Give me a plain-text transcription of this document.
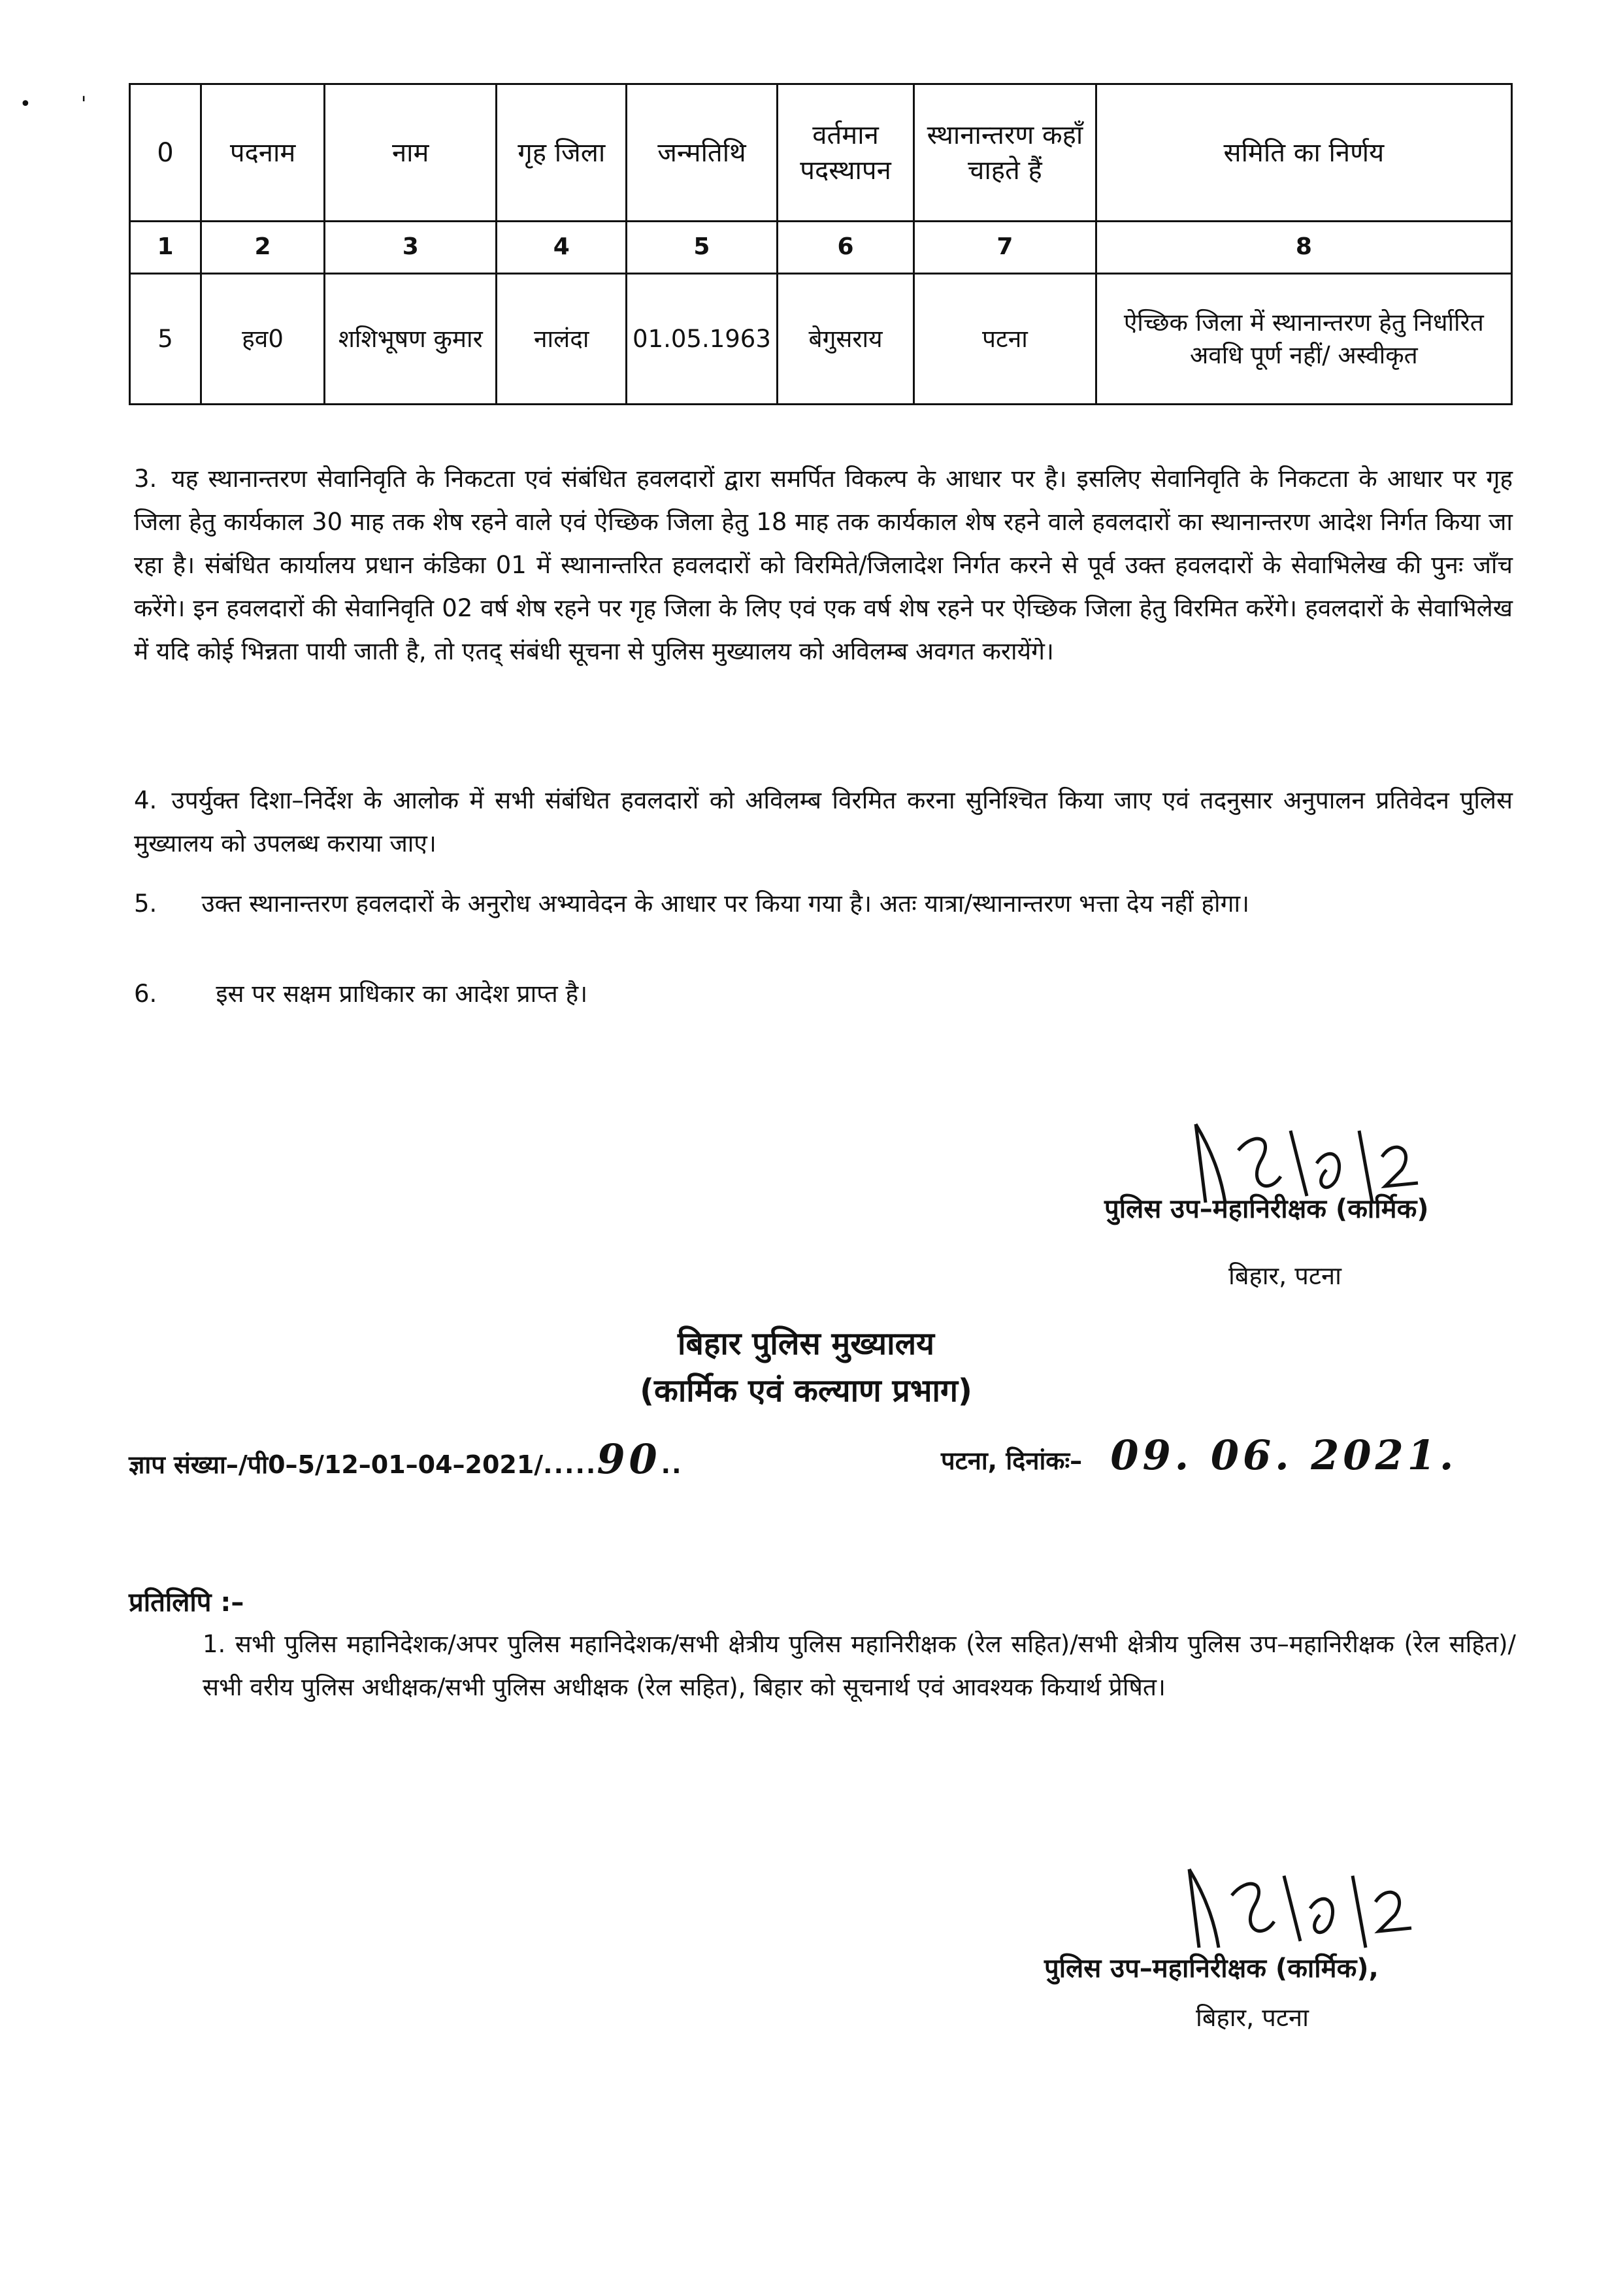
•        '
0	पदनाम	नाम	गृह जिला	जन्मतिथि	वर्तमान पदस्थापन	स्थानान्तरण कहाँ चाहते हैं	समिति का निर्णय
1	2	3	4	5	6	7	8
5	हव0	शशिभूषण कुमार	नालंदा	01.05.1963	बेगुसराय	पटना	ऐच्छिक जिला में स्थानान्तरण हेतु निर्धारित अवधि पूर्ण नहीं/ अस्वीकृत
3. यह स्थानान्तरण सेवानिवृति के निकटता एवं संबंधित हवलदारों द्वारा समर्पित विकल्प के आधार पर है। इसलिए सेवानिवृति के निकटता के आधार पर गृह जिला हेतु कार्यकाल 30 माह तक शेष रहने वाले एवं ऐच्छिक जिला हेतु 18 माह तक कार्यकाल शेष रहने वाले हवलदारों का स्थानान्तरण आदेश निर्गत किया जा रहा है। संबंधित कार्यालय प्रधान कंडिका 01 में स्थानान्तरित हवलदारों को विरमिते/जिलादेश निर्गत करने से पूर्व उक्त हवलदारों के सेवाभिलेख की पुनः जाँच करेंगे। इन हवलदारों की सेवानिवृति 02 वर्ष शेष रहने पर गृह जिला के लिए एवं एक वर्ष शेष रहने पर ऐच्छिक जिला हेतु विरमित करेंगे। हवलदारों के सेवाभिलेख में यदि कोई भिन्नता पायी जाती है, तो एतद् संबंधी सूचना से पुलिस मुख्यालय को अविलम्ब अवगत करायेंगे।
4. उपर्युक्त दिशा–निर्देश के आलोक में सभी संबंधित हवलदारों को अविलम्ब विरमित करना सुनिश्चित किया जाए एवं तदनुसार अनुपालन प्रतिवेदन पुलिस मुख्यालय को उपलब्ध कराया जाए।
5. उक्त स्थानान्तरण हवलदारों के अनुरोध अभ्यावेदन के आधार पर किया गया है। अतः यात्रा/स्थानान्तरण भत्ता देय नहीं होगा।
6. इस पर सक्षम प्राधिकार का आदेश प्राप्त है।
पुलिस उप–महानिरीक्षक (कार्मिक)
बिहार, पटना
बिहार पुलिस मुख्यालय
(कार्मिक एवं कल्याण प्रभाग)
ज्ञाप संख्या–/पी0–5/12–01–04–2021/.....90..	पटना, दिनांकः– 09. 06. 2021.
प्रतिलिपि :–
1. सभी पुलिस महानिदेशक/अपर पुलिस महानिदेशक/सभी क्षेत्रीय पुलिस महानिरीक्षक (रेल सहित)/सभी क्षेत्रीय पुलिस उप–महानिरीक्षक (रेल सहित)/सभी वरीय पुलिस अधीक्षक/सभी पुलिस अधीक्षक (रेल सहित), बिहार को सूचनार्थ एवं आवश्यक कियार्थ प्रेषित।
पुलिस उप–महानिरीक्षक (कार्मिक),
बिहार, पटना
